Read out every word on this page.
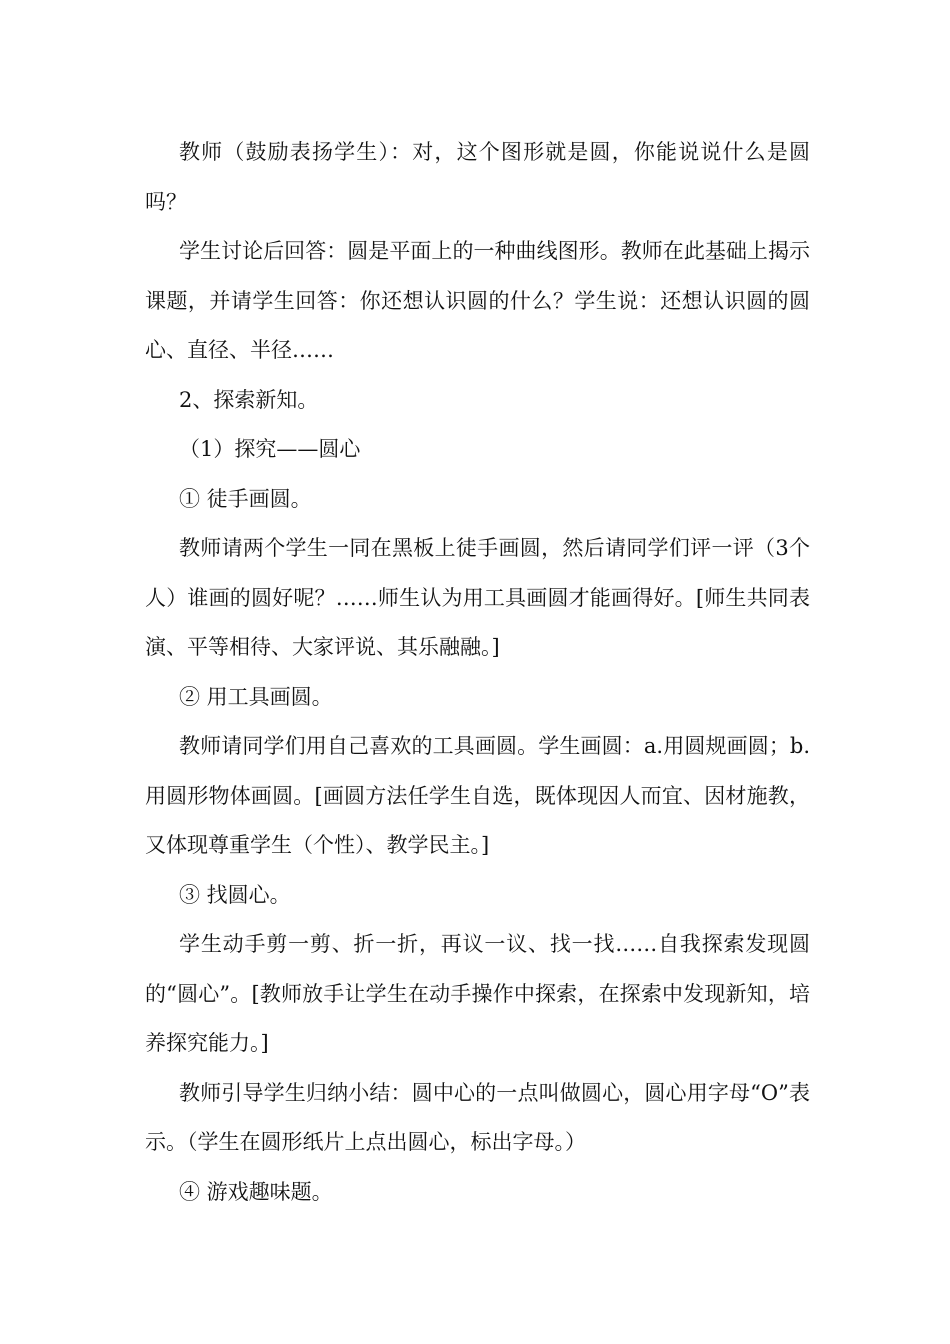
教师（鼓励表扬学生）：对，这个图形就是圆，你能说说什么是圆吗？

学生讨论后回答：圆是平面上的一种曲线图形。教师在此基础上揭示课题，并请学生回答：你还想认识圆的什么？学生说：还想认识圆的圆心、直径、半径……

2、探索新知。

（1）探究——圆心

① 徒手画圆。

教师请两个学生一同在黑板上徒手画圆，然后请同学们评一评（3个人）谁画的圆好呢？……师生认为用工具画圆才能画得好。[师生共同表演、平等相待、大家评说、其乐融融。]

② 用工具画圆。

教师请同学们用自己喜欢的工具画圆。学生画圆：a.用圆规画圆；b.用圆形物体画圆。[画圆方法任学生自选，既体现因人而宜、因材施教，又体现尊重学生（个性）、教学民主。]

③ 找圆心。

学生动手剪一剪、折一折，再议一议、找一找……自我探索发现圆的“圆心”。[教师放手让学生在动手操作中探索，在探索中发现新知，培养探究能力。]

教师引导学生归纳小结：圆中心的一点叫做圆心，圆心用字母“O”表示。（学生在圆形纸片上点出圆心，标出字母。）

④ 游戏趣味题。
